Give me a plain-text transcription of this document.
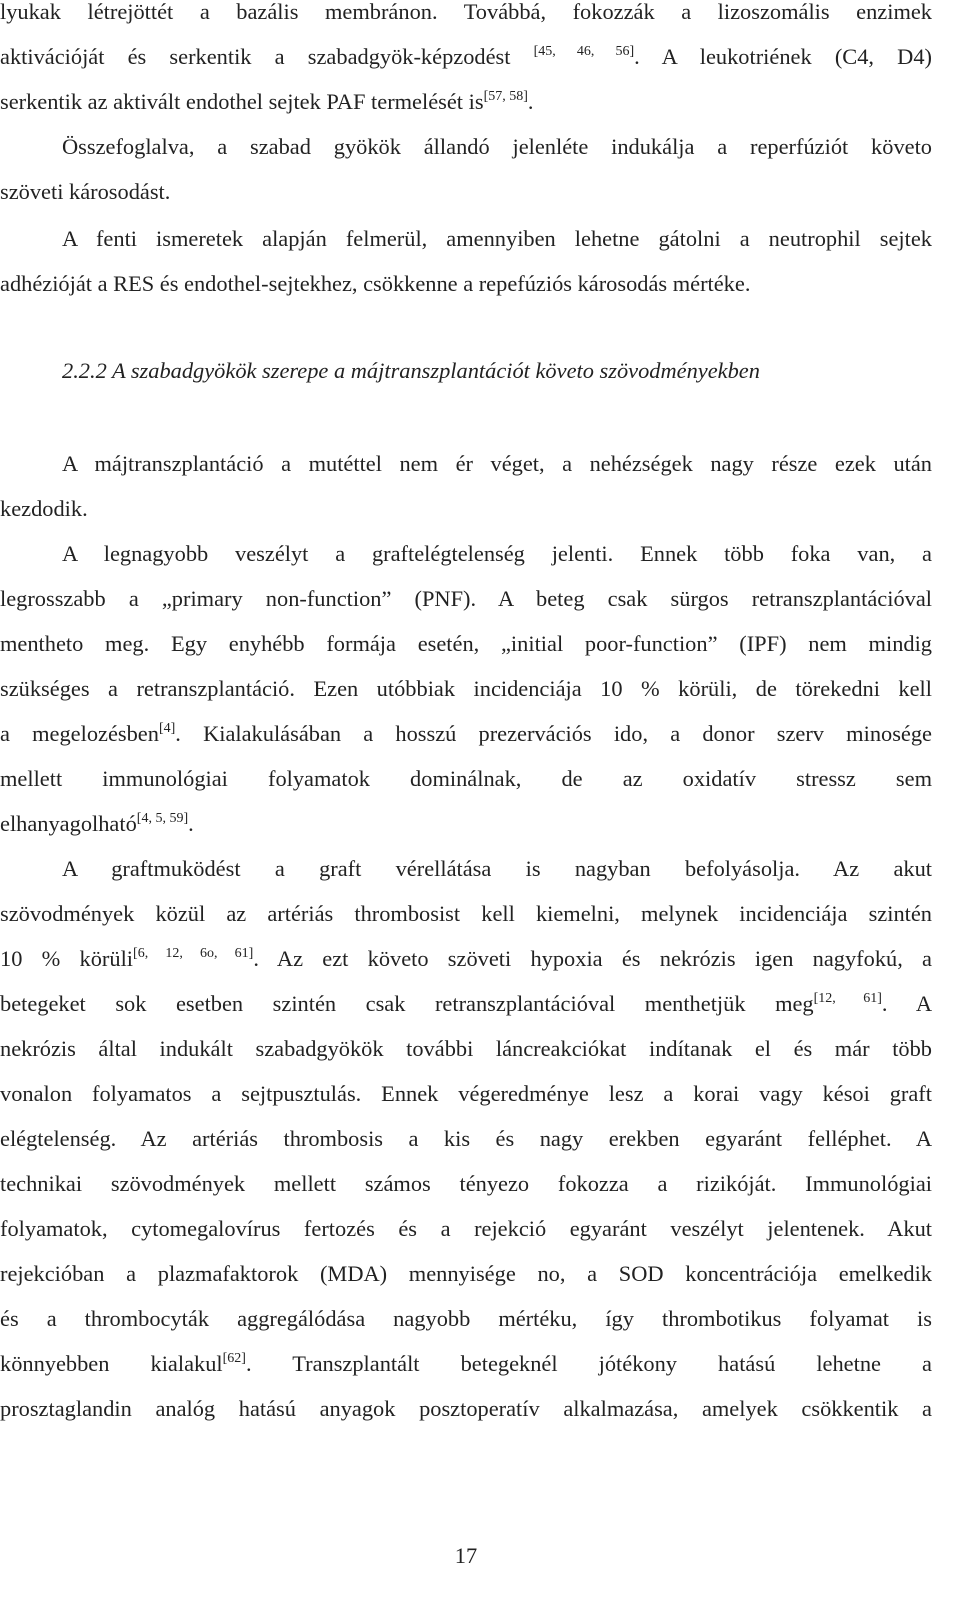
lyukak létrejöttét a bazális membránon. Továbbá, fokozzák a lizoszomális enzimek
aktivációját és serkentik a szabadgyök-képzodést [45, 46, 56]. A leukotriének (C4, D4)
serkentik az aktivált endothel sejtek PAF termelését is[57, 58].
Összefoglalva, a szabad gyökök állandó jelenléte indukálja a reperfúziót követo
szöveti károsodást.
A fenti ismeretek alapján felmerül, amennyiben lehetne gátolni a neutrophil sejtek
adhézióját a RES és endothel-sejtekhez, csökkenne a repefúziós károsodás mértéke.
2.2.2 A szabadgyökök szerepe a májtranszplantációt követo szövodményekben
A májtranszplantáció a mutéttel nem ér véget, a nehézségek nagy része ezek után
kezdodik.
A legnagyobb veszélyt a graftelégtelenség jelenti. Ennek több foka van, a
legrosszabb a „primary non-function” (PNF). A beteg csak sürgos retranszplantációval
mentheto meg. Egy enyhébb formája esetén, „initial poor-function” (IPF) nem mindig
szükséges a retranszplantáció. Ezen utóbbiak incidenciája 10 % körüli, de törekedni kell
a megelozésben[4]. Kialakulásában a hosszú prezervációs ido, a donor szerv minosége
mellett immunológiai folyamatok dominálnak, de az oxidatív stressz sem
elhanyagolható[4, 5, 59].
A graftmuködést a graft vérellátása is nagyban befolyásolja. Az akut
szövodmények közül az artériás thrombosist kell kiemelni, melynek incidenciája szintén
10 % körüli[6, 12, 6o, 61]. Az ezt követo szöveti hypoxia és nekrózis igen nagyfokú, a
betegeket sok esetben szintén csak retranszplantációval menthetjük meg[12, 61]. A
nekrózis által indukált szabadgyökök további láncreakciókat indítanak el és már több
vonalon folyamatos a sejtpusztulás. Ennek végeredménye lesz a korai vagy késoi graft
elégtelenség. Az artériás thrombosis a kis és nagy erekben egyaránt felléphet. A
technikai szövodmények mellett számos tényezo fokozza a rizikóját. Immunológiai
folyamatok, cytomegalovírus fertozés és a rejekció egyaránt veszélyt jelentenek. Akut
rejekcióban a plazmafaktorok (MDA) mennyisége no, a SOD koncentrációja emelkedik
és a thrombocyták aggregálódása nagyobb mértéku, így thrombotikus folyamat is
könnyebben kialakul[62]. Transzplantált betegeknél jótékony hatású lehetne a
prosztaglandin analóg hatású anyagok posztoperatív alkalmazása, amelyek csökkentik a
17
